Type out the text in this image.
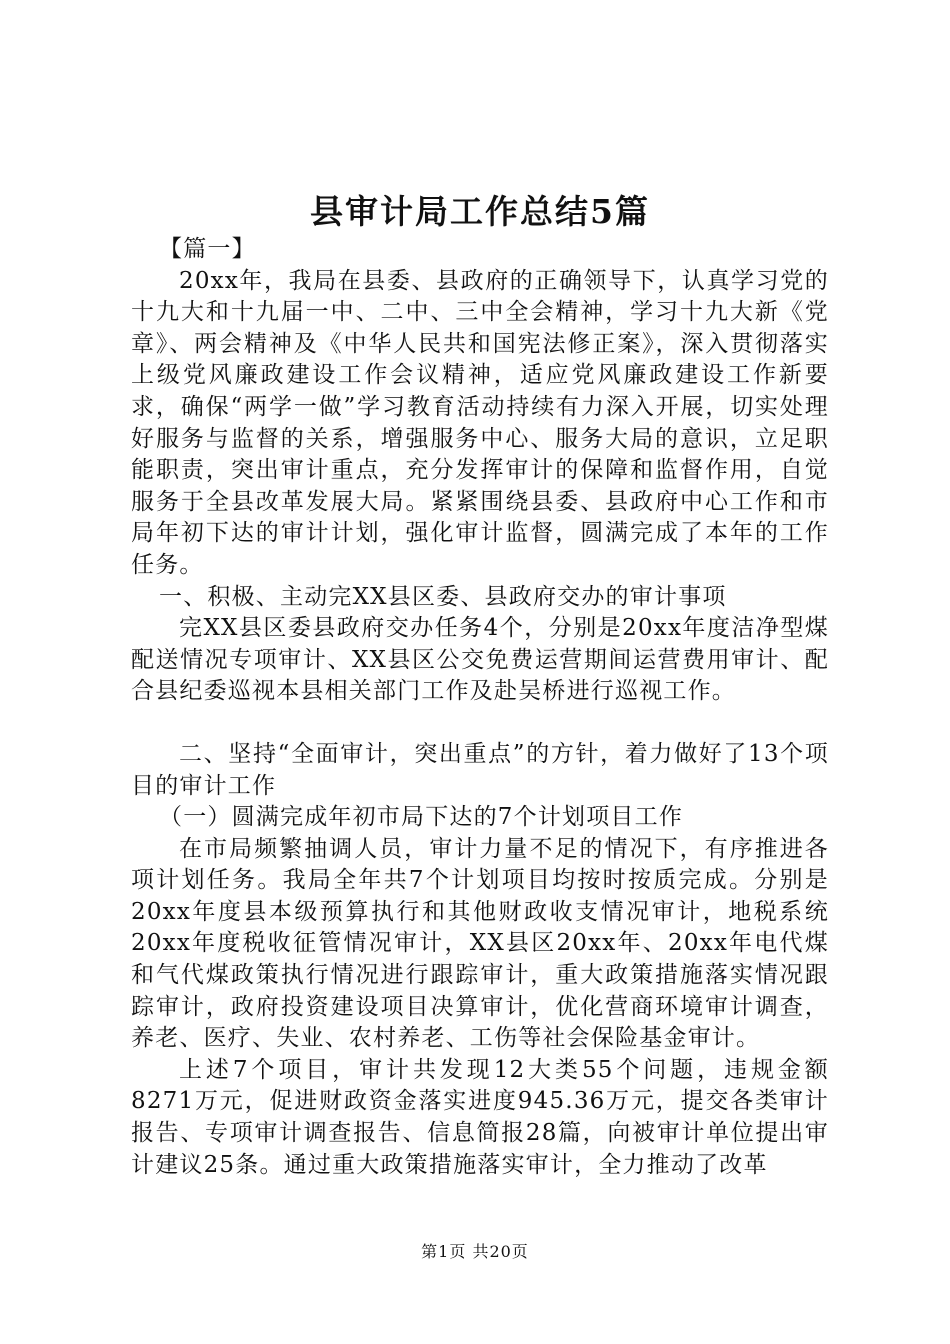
县审计局工作总结5篇

【篇一】

20xx年，我局在县委、县政府的正确领导下，认真学习党的十九大和十九届一中、二中、三中全会精神，学习十九大新《党章》、两会精神及《中华人民共和国宪法修正案》，深入贯彻落实上级党风廉政建设工作会议精神，适应党风廉政建设工作新要求，确保“两学一做”学习教育活动持续有力深入开展，切实处理好服务与监督的关系，增强服务中心、服务大局的意识，立足职能职责，突出审计重点，充分发挥审计的保障和监督作用，自觉服务于全县改革发展大局。紧紧围绕县委、县政府中心工作和市局年初下达的审计计划，强化审计监督，圆满完成了本年的工作任务。

一、积极、主动完XX县区委、县政府交办的审计事项

完XX县区委县政府交办任务4个，分别是20xx年度洁净型煤配送情况专项审计、XX县区公交免费运营期间运营费用审计、配合县纪委巡视本县相关部门工作及赴吴桥进行巡视工作。

二、坚持“全面审计，突出重点”的方针，着力做好了13个项目的审计工作

（一）圆满完成年初市局下达的7个计划项目工作

在市局频繁抽调人员，审计力量不足的情况下，有序推进各项计划任务。我局全年共7个计划项目均按时按质完成。分别是20xx年度县本级预算执行和其他财政收支情况审计，地税系统20xx年度税收征管情况审计，XX县区20xx年、20xx年电代煤和气代煤政策执行情况进行跟踪审计，重大政策措施落实情况跟踪审计，政府投资建设项目决算审计，优化营商环境审计调查，养老、医疗、失业、农村养老、工伤等社会保险基金审计。

上述7个项目，审计共发现12大类55个问题，违规金额8271万元，促进财政资金落实进度945.36万元，提交各类审计报告、专项审计调查报告、信息简报28篇，向被审计单位提出审计建议25条。通过重大政策措施落实审计，全力推动了改革

第1页 共20页
